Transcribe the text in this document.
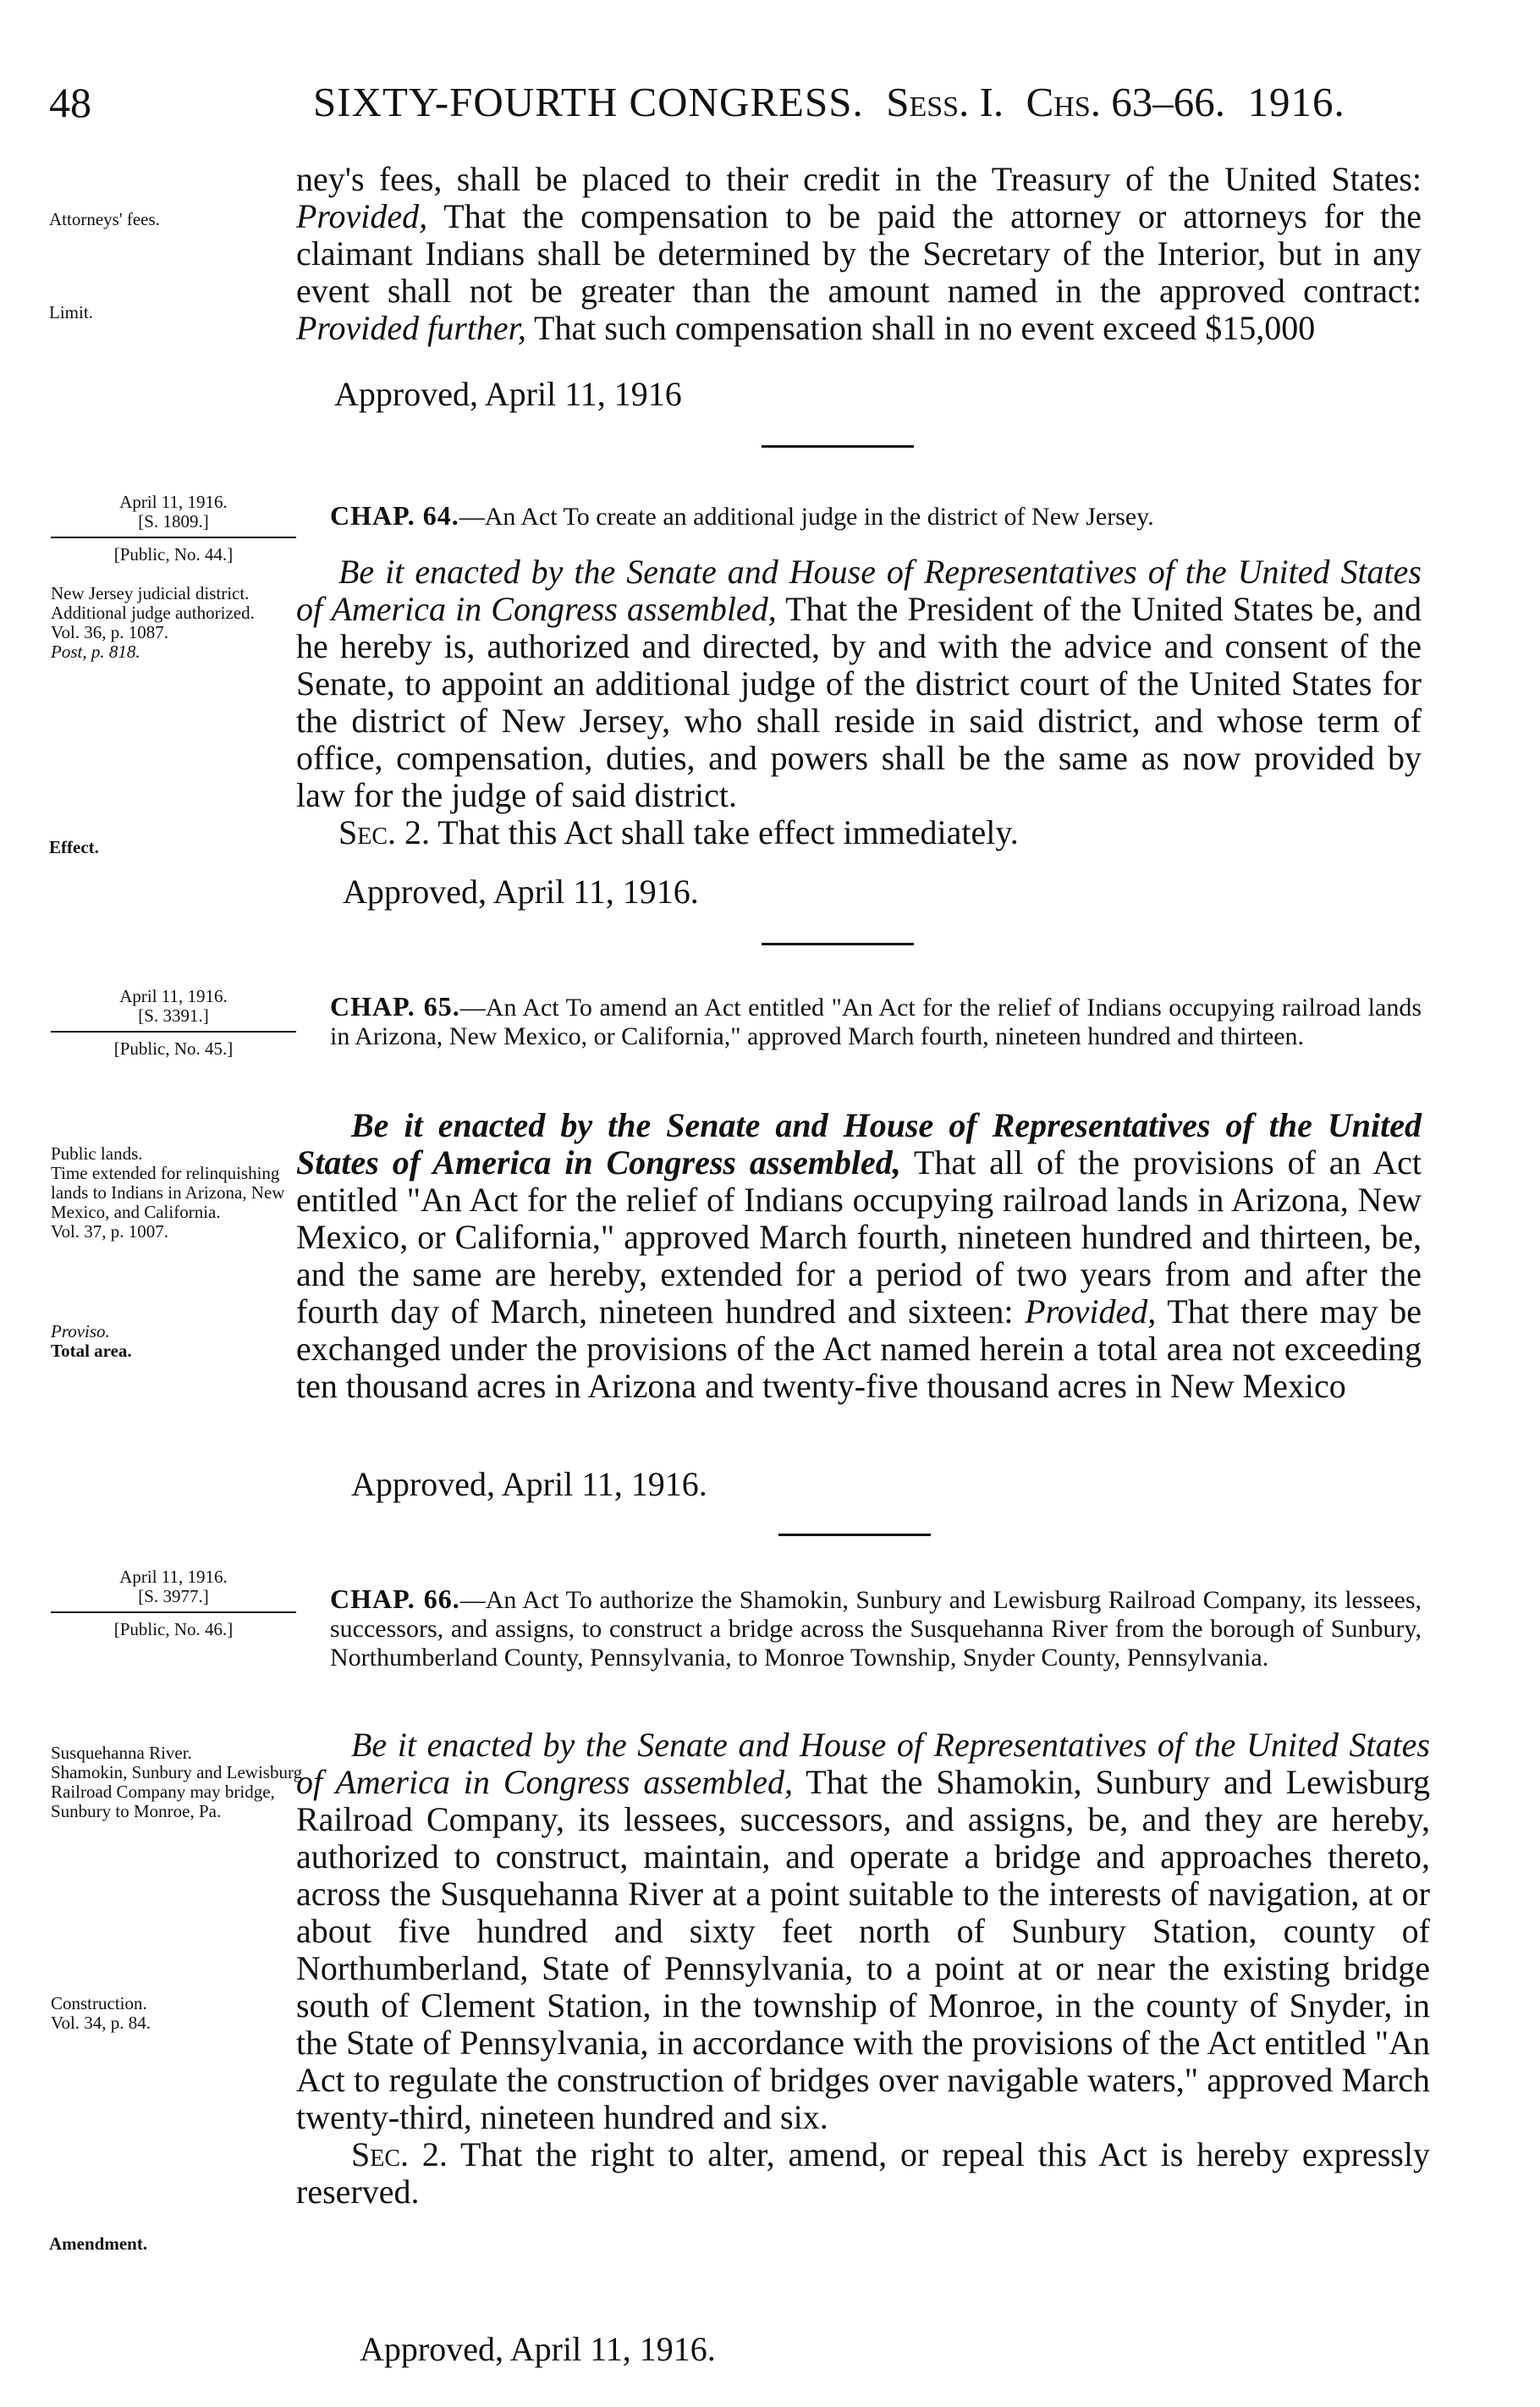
48	SIXTY-FOURTH CONGRESS. Sess. I. Chs. 63–66. 1916.
Attorneys' fees.
Limit.

ney's fees, shall be placed to their credit in the Treasury of the United States: Provided, That the compensation to be paid the attorney or attorneys for the claimant Indians shall be determined by the Secretary of the Interior, but in any event shall not be greater than the amount named in the approved contract: Provided further, That such compensation shall in no event exceed $15,000

Approved, April 11, 1916
April 11, 1916.
[S. 1809.]
[Public, No. 44.]
New Jersey judicial district.
Additional judge authorized.
Vol. 36, p. 1087.
Post, p. 818.
Effect.
CHAP. 64.—An Act To create an additional judge in the district of New Jersey.

Be it enacted by the Senate and House of Representatives of the United States of America in Congress assembled, That the President of the United States be, and he hereby is, authorized and directed, by and with the advice and consent of the Senate, to appoint an additional judge of the district court of the United States for the district of New Jersey, who shall reside in said district, and whose term of office, compensation, duties, and powers shall be the same as now provided by law for the judge of said district.

Sec. 2. That this Act shall take effect immediately.

Approved, April 11, 1916.
April 11, 1916.
[S. 3391.]
[Public, No. 45.]
Public lands.
Time extended for relinquishing lands to Indians in Arizona, New Mexico, and California.
Vol. 37, p. 1007.
Proviso.
Total area.
CHAP. 65.—An Act To amend an Act entitled "An Act for the relief of Indians occupying railroad lands in Arizona, New Mexico, or California," approved March fourth, nineteen hundred and thirteen.

Be it enacted by the Senate and House of Representatives of the United States of America in Congress assembled, That all of the provisions of an Act entitled "An Act for the relief of Indians occupying railroad lands in Arizona, New Mexico, or California," approved March fourth, nineteen hundred and thirteen, be, and the same are hereby, extended for a period of two years from and after the fourth day of March, nineteen hundred and sixteen: Provided, That there may be exchanged under the provisions of the Act named herein a total area not exceeding ten thousand acres in Arizona and twenty-five thousand acres in New Mexico

Approved, April 11, 1916.
April 11, 1916.
[S. 3977.]
[Public, No. 46.]
Susquehanna River.
Shamokin, Sunbury and Lewisburg Railroad Company may bridge, Sunbury to Monroe, Pa.
Construction.
Vol. 34, p. 84.
Amendment.
CHAP. 66.—An Act To authorize the Shamokin, Sunbury and Lewisburg Railroad Company, its lessees, successors, and assigns, to construct a bridge across the Susquehanna River from the borough of Sunbury, Northumberland County, Pennsylvania, to Monroe Township, Snyder County, Pennsylvania.

Be it enacted by the Senate and House of Representatives of the United States of America in Congress assembled, That the Shamokin, Sunbury and Lewisburg Railroad Company, its lessees, successors, and assigns, be, and they are hereby, authorized to construct, maintain, and operate a bridge and approaches thereto, across the Susquehanna River at a point suitable to the interests of navigation, at or about five hundred and sixty feet north of Sunbury Station, county of Northumberland, State of Pennsylvania, to a point at or near the existing bridge south of Clement Station, in the township of Monroe, in the county of Snyder, in the State of Pennsylvania, in accordance with the provisions of the Act entitled "An Act to regulate the construction of bridges over navigable waters," approved March twenty-third, nineteen hundred and six.

Sec. 2. That the right to alter, amend, or repeal this Act is hereby expressly reserved.

Approved, April 11, 1916.
